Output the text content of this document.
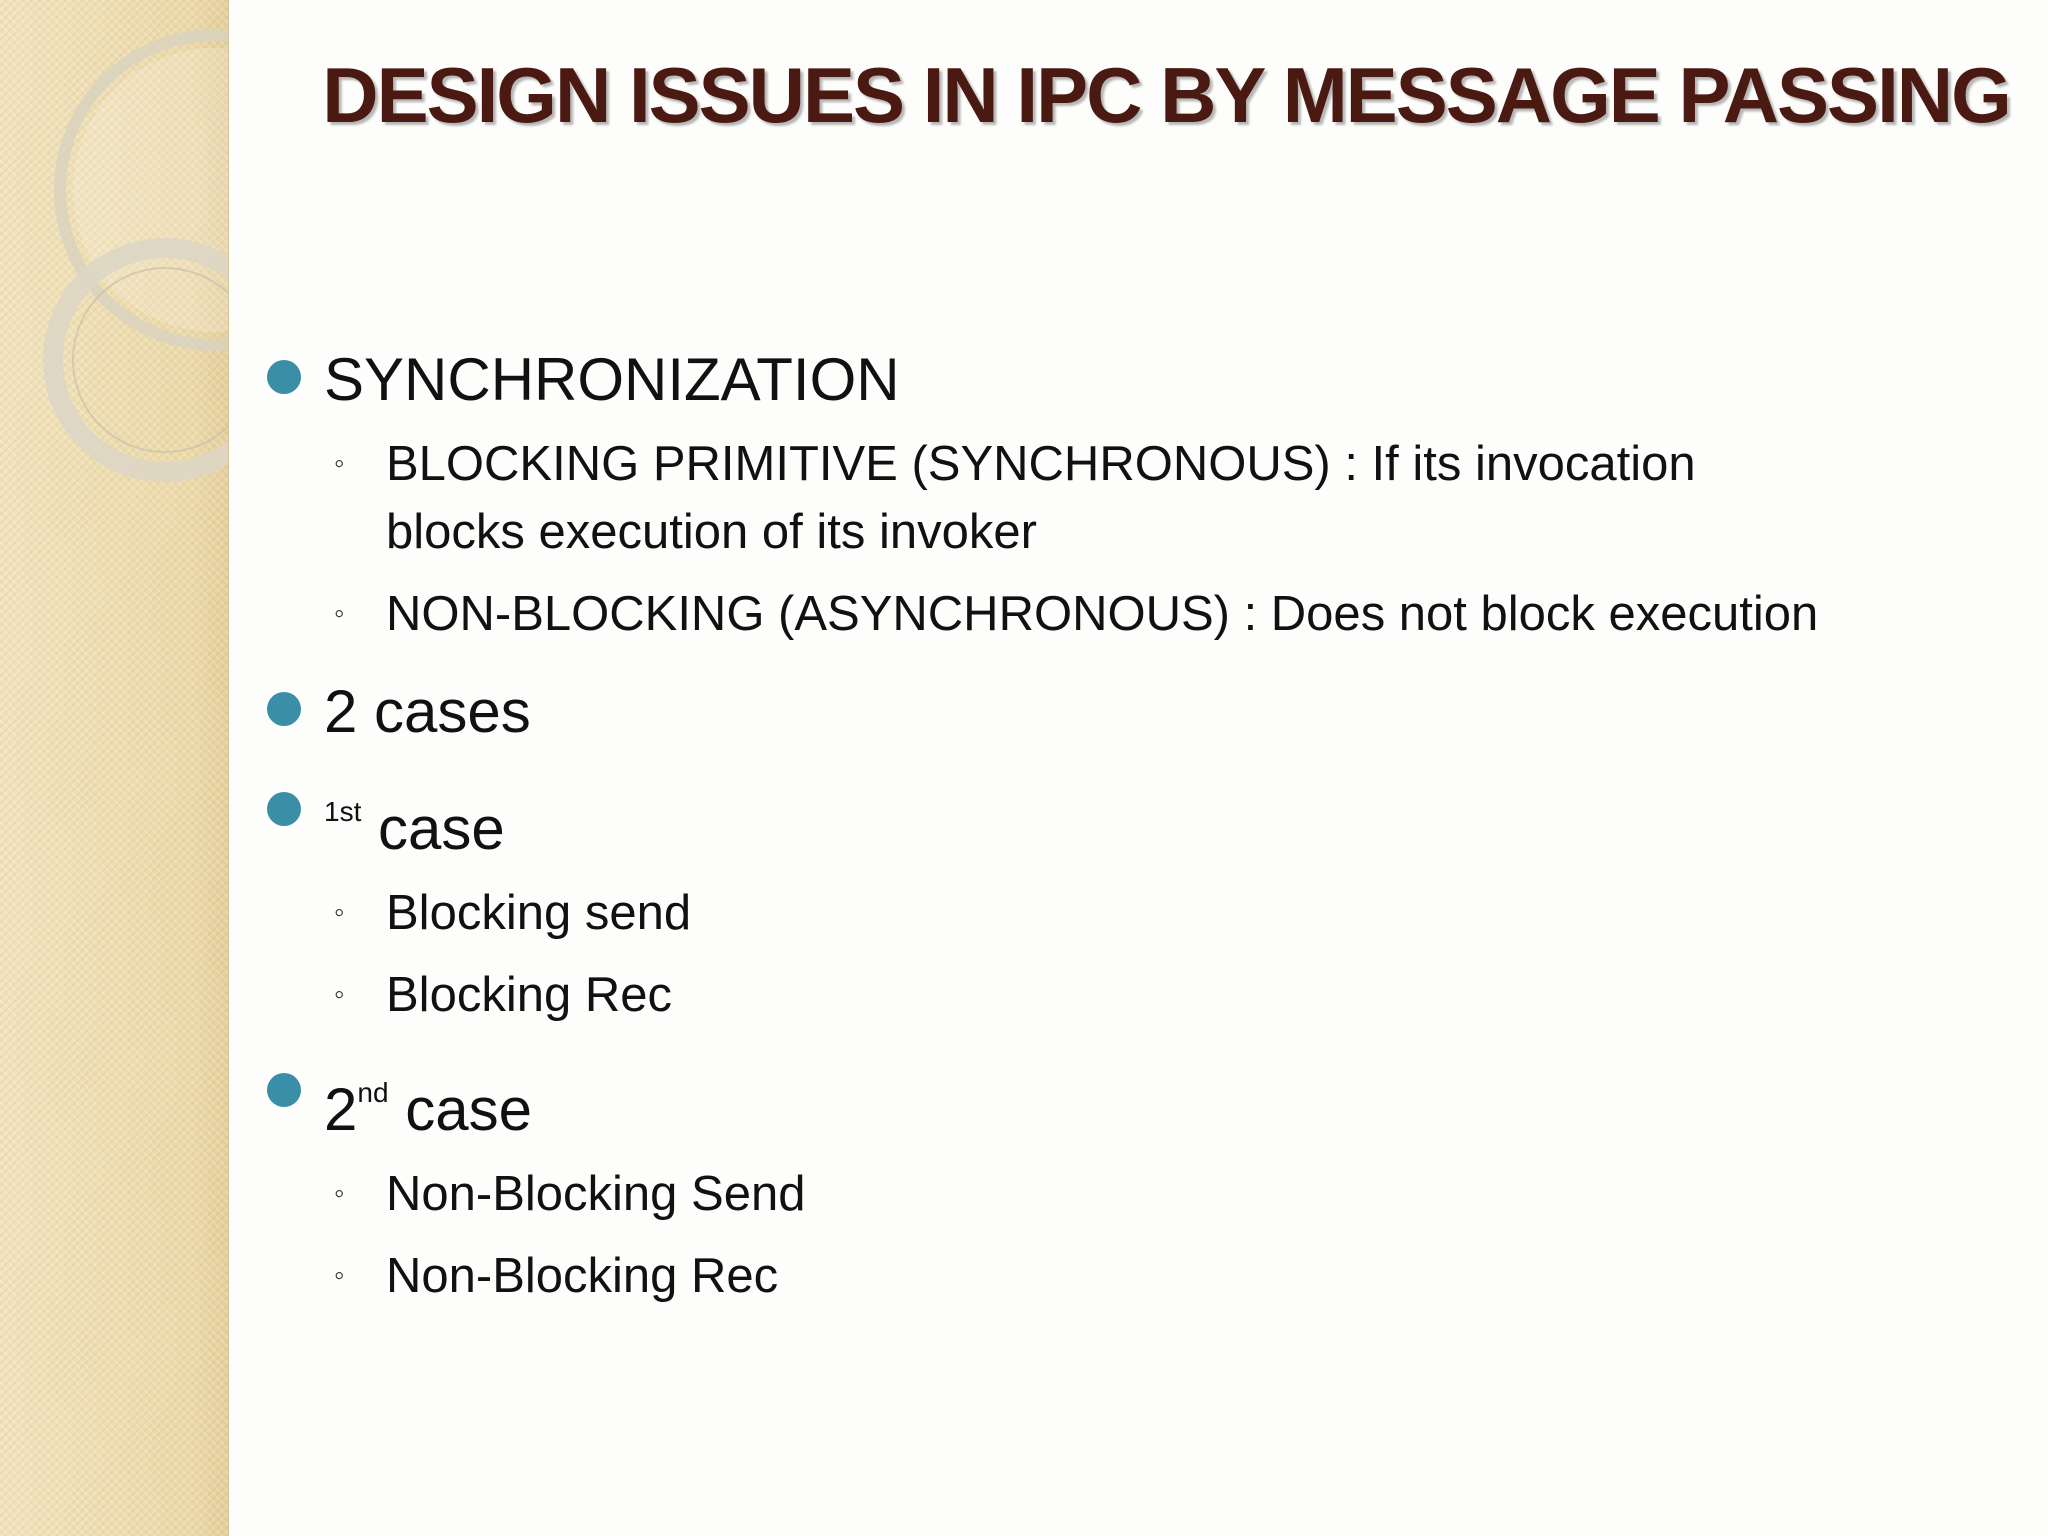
DESIGN ISSUES IN IPC BY MESSAGE PASSING

SYNCHRONIZATION

◦ BLOCKING PRIMITIVE (SYNCHRONOUS) : If its invocation blocks execution of its invoker

◦ NON-BLOCKING (ASYNCHRONOUS) : Does not block execution

2 cases

$^{1st}$ case

◦ Blocking send

◦ Blocking Rec

2nd case

◦ Non-Blocking Send

◦ Non-Blocking Rec
